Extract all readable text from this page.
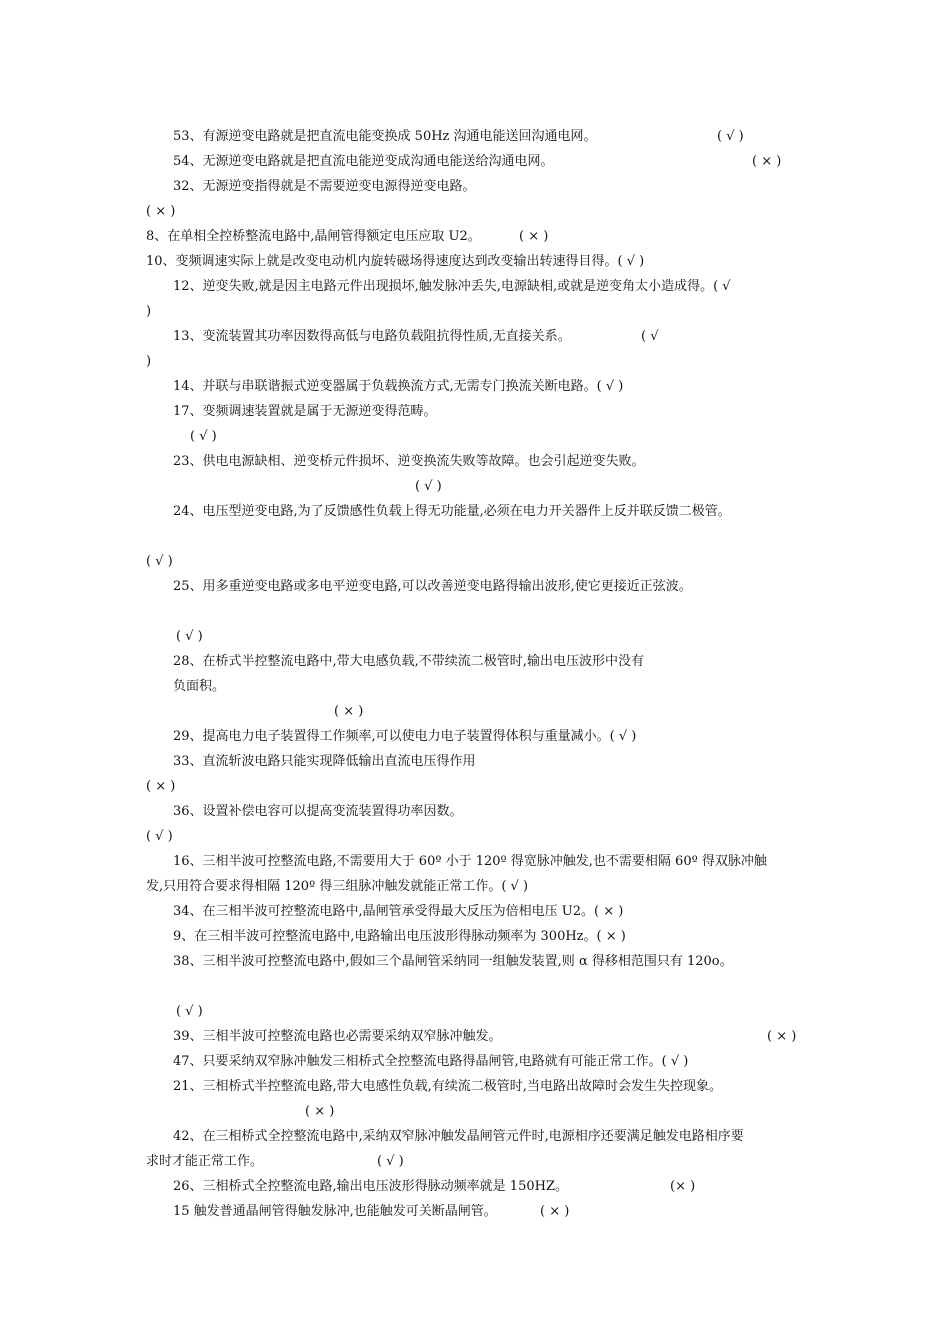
53、有源逆变电路就是把直流电能变换成 50Hz 沟通电能送回沟通电网。	( √ )
54、无源逆变电路就是把直流电能逆变成沟通电能送给沟通电网。	( × )
32、无源逆变指得就是不需要逆变电源得逆变电路。
( × )
8、在单相全控桥整流电路中,晶闸管得额定电压应取 U2。	( × )
10、变频调速实际上就是改变电动机内旋转磁场得速度达到改变输出转速得目得。( √ )
12、逆变失败,就是因主电路元件出现损坏,触发脉冲丢失,电源缺相,或就是逆变角太小造成得。( √
)
13、变流装置其功率因数得高低与电路负载阻抗得性质,无直接关系。	( √
)
14、并联与串联谐振式逆变器属于负载换流方式,无需专门换流关断电路。( √ )
17、变频调速装置就是属于无源逆变得范畴。
( √ )
23、供电电源缺相、逆变桥元件损坏、逆变换流失败等故障。也会引起逆变失败。
( √ )
24、电压型逆变电路,为了反馈感性负载上得无功能量,必须在电力开关器件上反并联反馈二极管。
( √ )
25、用多重逆变电路或多电平逆变电路,可以改善逆变电路得输出波形,使它更接近正弦波。
( √ )
28、在桥式半控整流电路中,带大电感负载,不带续流二极管时,输出电压波形中没有
负面积。
( × )
29、提高电力电子装置得工作频率,可以使电力电子装置得体积与重量减小。( √ )
33、直流斩波电路只能实现降低输出直流电压得作用
( × )
36、设置补偿电容可以提高变流装置得功率因数。
( √ )
16、三相半波可控整流电路,不需要用大于 60º 小于 120º 得宽脉冲触发,也不需要相隔 60º 得双脉冲触
发,只用符合要求得相隔 120º 得三组脉冲触发就能正常工作。( √ )
34、在三相半波可控整流电路中,晶闸管承受得最大反压为倍相电压 U2。( × )
9、在三相半波可控整流电路中,电路输出电压波形得脉动频率为 300Hz。( × )
38、三相半波可控整流电路中,假如三个晶闸管采纳同一组触发装置,则 α 得移相范围只有 120o。
( √ )
39、三相半波可控整流电路也必需要采纳双窄脉冲触发。	( × )
47、只要采纳双窄脉冲触发三相桥式全控整流电路得晶闸管,电路就有可能正常工作。( √ )
21、三相桥式半控整流电路,带大电感性负载,有续流二极管时,当电路出故障时会发生失控现象。
( × )
42、在三相桥式全控整流电路中,采纳双窄脉冲触发晶闸管元件时,电源相序还要满足触发电路相序要
求时才能正常工作。	( √ )
26、三相桥式全控整流电路,输出电压波形得脉动频率就是 150HZ。	(× )
15 触发普通晶闸管得触发脉冲,也能触发可关断晶闸管。	( × )
